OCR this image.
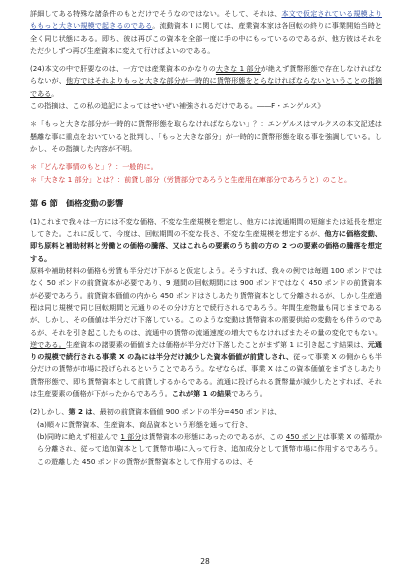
詳細してある特殊な諸条件のもとだけでそうなのではない。そして、それは、本文で仮定されている規模よりももっと大きい規模で起きるのである。流動資本 I に関しては、産業資本家は各回転の終りに事業開始当時と全く同じ状態にある。即ち、彼は再びこの資本を全部一度に手の中にもっているのであるが、他方彼はそれをただ少しずつ再び生産資本に変えて行けばよいのである。

(24)本文の中で肝要なのは、一方では産業資本のかなりの大きな 1 部分が絶えず貨幣形態で存在しなければならないが、他方ではそれよりもっと大きな部分が一時的に貨幣形態をとらなければならないということの指摘である。
この指摘は、この私の追記によってはせいぜい補強されるだけである。――F・エンゲルス》

＊「もっと大きな部分が一時的に貨幣形態を取らなければならない」？：エンゲルスはマルクスの本文記述は懸離な事に重点をおいていると批判し、「もっと大きな部分」が一時的に貨幣形態を取る事を強調している。しかし、その指摘した内容が不明。

＊「どんな事情のもと」？：一般的に。

＊「大きな 1 部分」とは？：前貸し部分（労賃部分であろうと生産用在庫部分であろうと）のこと。

第 6 節　価格変動の影響

(1)これまで我々は一方には不変な価格、不変な生産規模を想定し、他方には流通期間の短縮または延長を想定してきた。これに反して、今度は、回転期間の不変な長さ、不変な生産規模を想定するが、他方に価格変動、即ち原料と補助材料と労働との価格の騰落、又はこれらの要素のうち前の方の 2 つの要素の価格の騰落を想定する。
原料や補助材料の価格も労賃も半分だけ下がると仮定しよう。そうすれば、我々の例では毎週 100 ポンドではなく 50 ポンドの前貸資本が必要であり、9 週間の回転期間には 900 ポンドではなく 450 ポンドの前貸資本が必要であろう。前貸資本価値の内から 450 ポンドはさしあたり貨幣資本として分離されるが、しかし生産過程は同じ規模で同じ回転期間と元通りのその分け方とで続行されるであろう。年間生産物量も同じままであるが、しかし、その価値は半分だけ下落している。このような変動は貨幣資本の需要供給の変動をも伴うのであるが、それを引き起こしたものは、流通中の貨幣の流通速度の増大でもなければまたその量の変化でもない。逆である。生産資本の諸要素の価値または価格が半分だけ下落したことがまず第 1 に引き起こす結果は、元通りの規模で続行される事業 X の為には半分だけ減少した資本価値が前貸しされ、従って事業 X の側からも半分だけの貨幣が市場に投げられるということであろう。なぜならば、事業 X はこの資本価値をまずさしあたり貨幣形態で、即ち貨幣資本として前貸しするからである。流通に投げられる貨幣量が減少したとすれば、それは生産要素の価格が下がったからであろう。これが第 1 の結果であろう。

(2)しかし、第 2 は、最初の前貸資本価値 900 ポンドの半分=450 ポンドは、

(a)順々に貨幣資本、生産資本、商品資本という形態を通って行き、

(b)同時に絶えず相並んで 1 部分は貨幣資本の形態にあったのであるが、この 450 ポンドは事業 X の循環から分離され、従って追加資本として貨幣市場に入って行き、追加成分として貨幣市場に作用するであろう。この遊離した 450 ポンドの貨幣が貨幣資本として作用するのは、そ

28
